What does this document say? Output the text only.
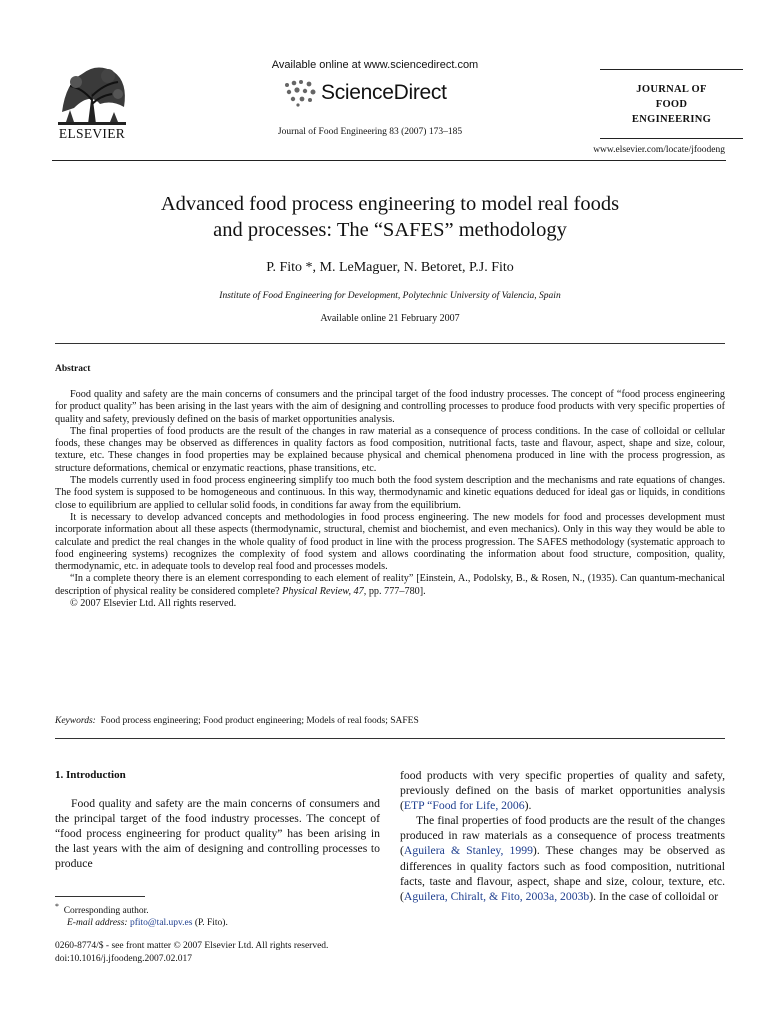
ELSEVIER
Available online at www.sciencedirect.com
ScienceDirect
Journal of Food Engineering 83 (2007) 173–185
JOURNAL OF
FOOD
ENGINEERING
www.elsevier.com/locate/jfoodeng
Advanced food process engineering to model real foods
and processes: The “SAFES” methodology
P. Fito *, M. LeMaguer, N. Betoret, P.J. Fito
Institute of Food Engineering for Development, Polytechnic University of Valencia, Spain
Available online 21 February 2007
Abstract

Food quality and safety are the main concerns of consumers and the principal target of the food industry processes. The concept of “food process engineering for product quality” has been arising in the last years with the aim of designing and controlling processes to produce food products with very specific properties of quality and safety, previously defined on the basis of market opportunities analysis.

The final properties of food products are the result of the changes in raw material as a consequence of process conditions. In the case of colloidal or cellular foods, these changes may be observed as differences in quality factors as food composition, nutritional facts, taste and flavour, aspect, shape and size, colour, texture, etc. These changes in food properties may be explained because physical and chemical phenomena produced in line with the process progression, as structure deformations, chemical or enzymatic reactions, phase transitions, etc.

The models currently used in food process engineering simplify too much both the food system description and the mechanisms and rate equations of changes. The food system is supposed to be homogeneous and continuous. In this way, thermodynamic and kinetic equations deduced for ideal gas or liquids, in conditions close to equilibrium are applied to cellular solid foods, in conditions far away from the equilibrium.

It is necessary to develop advanced concepts and methodologies in food process engineering. The new models for food and processes development must incorporate information about all these aspects (thermodynamic, structural, chemist and biochemist, and even mechanics). Only in this way they would be able to calculate and predict the real changes in the whole quality of food product in line with the process progression. The SAFES methodology (systematic approach to food engineering systems) recognizes the complexity of food system and allows coordinating the information about food structure, composition, quality, thermodynamic, etc. in adequate tools to develop real food and processes models.

“In a complete theory there is an element corresponding to each element of reality” [Einstein, A., Podolsky, B., & Rosen, N., (1935). Can quantum-mechanical description of physical reality be considered complete? Physical Review, 47, pp. 777–780].

© 2007 Elsevier Ltd. All rights reserved.

Keywords: Food process engineering; Food product engineering; Models of real foods; SAFES

1. Introduction

Food quality and safety are the main concerns of consumers and the principal target of the food industry processes. The concept of “food process engineering for product quality” has been arising in the last years with the aim of designing and controlling processes to produce

food products with very specific properties of quality and safety, previously defined on the basis of market opportunities analysis (ETP “Food for Life, 2006).

The final properties of food products are the result of the changes produced in raw materials as a consequence of process treatments (Aguilera & Stanley, 1999). These changes may be observed as differences in quality factors such as food composition, nutritional facts, taste and flavour, aspect, shape and size, colour, texture, etc. (Aguilera, Chiralt, & Fito, 2003a, 2003b). In the case of colloidal or

* Corresponding author.
E-mail address: pfito@tal.upv.es (P. Fito).
0260-8774/$ - see front matter © 2007 Elsevier Ltd. All rights reserved.
doi:10.1016/j.jfoodeng.2007.02.017
